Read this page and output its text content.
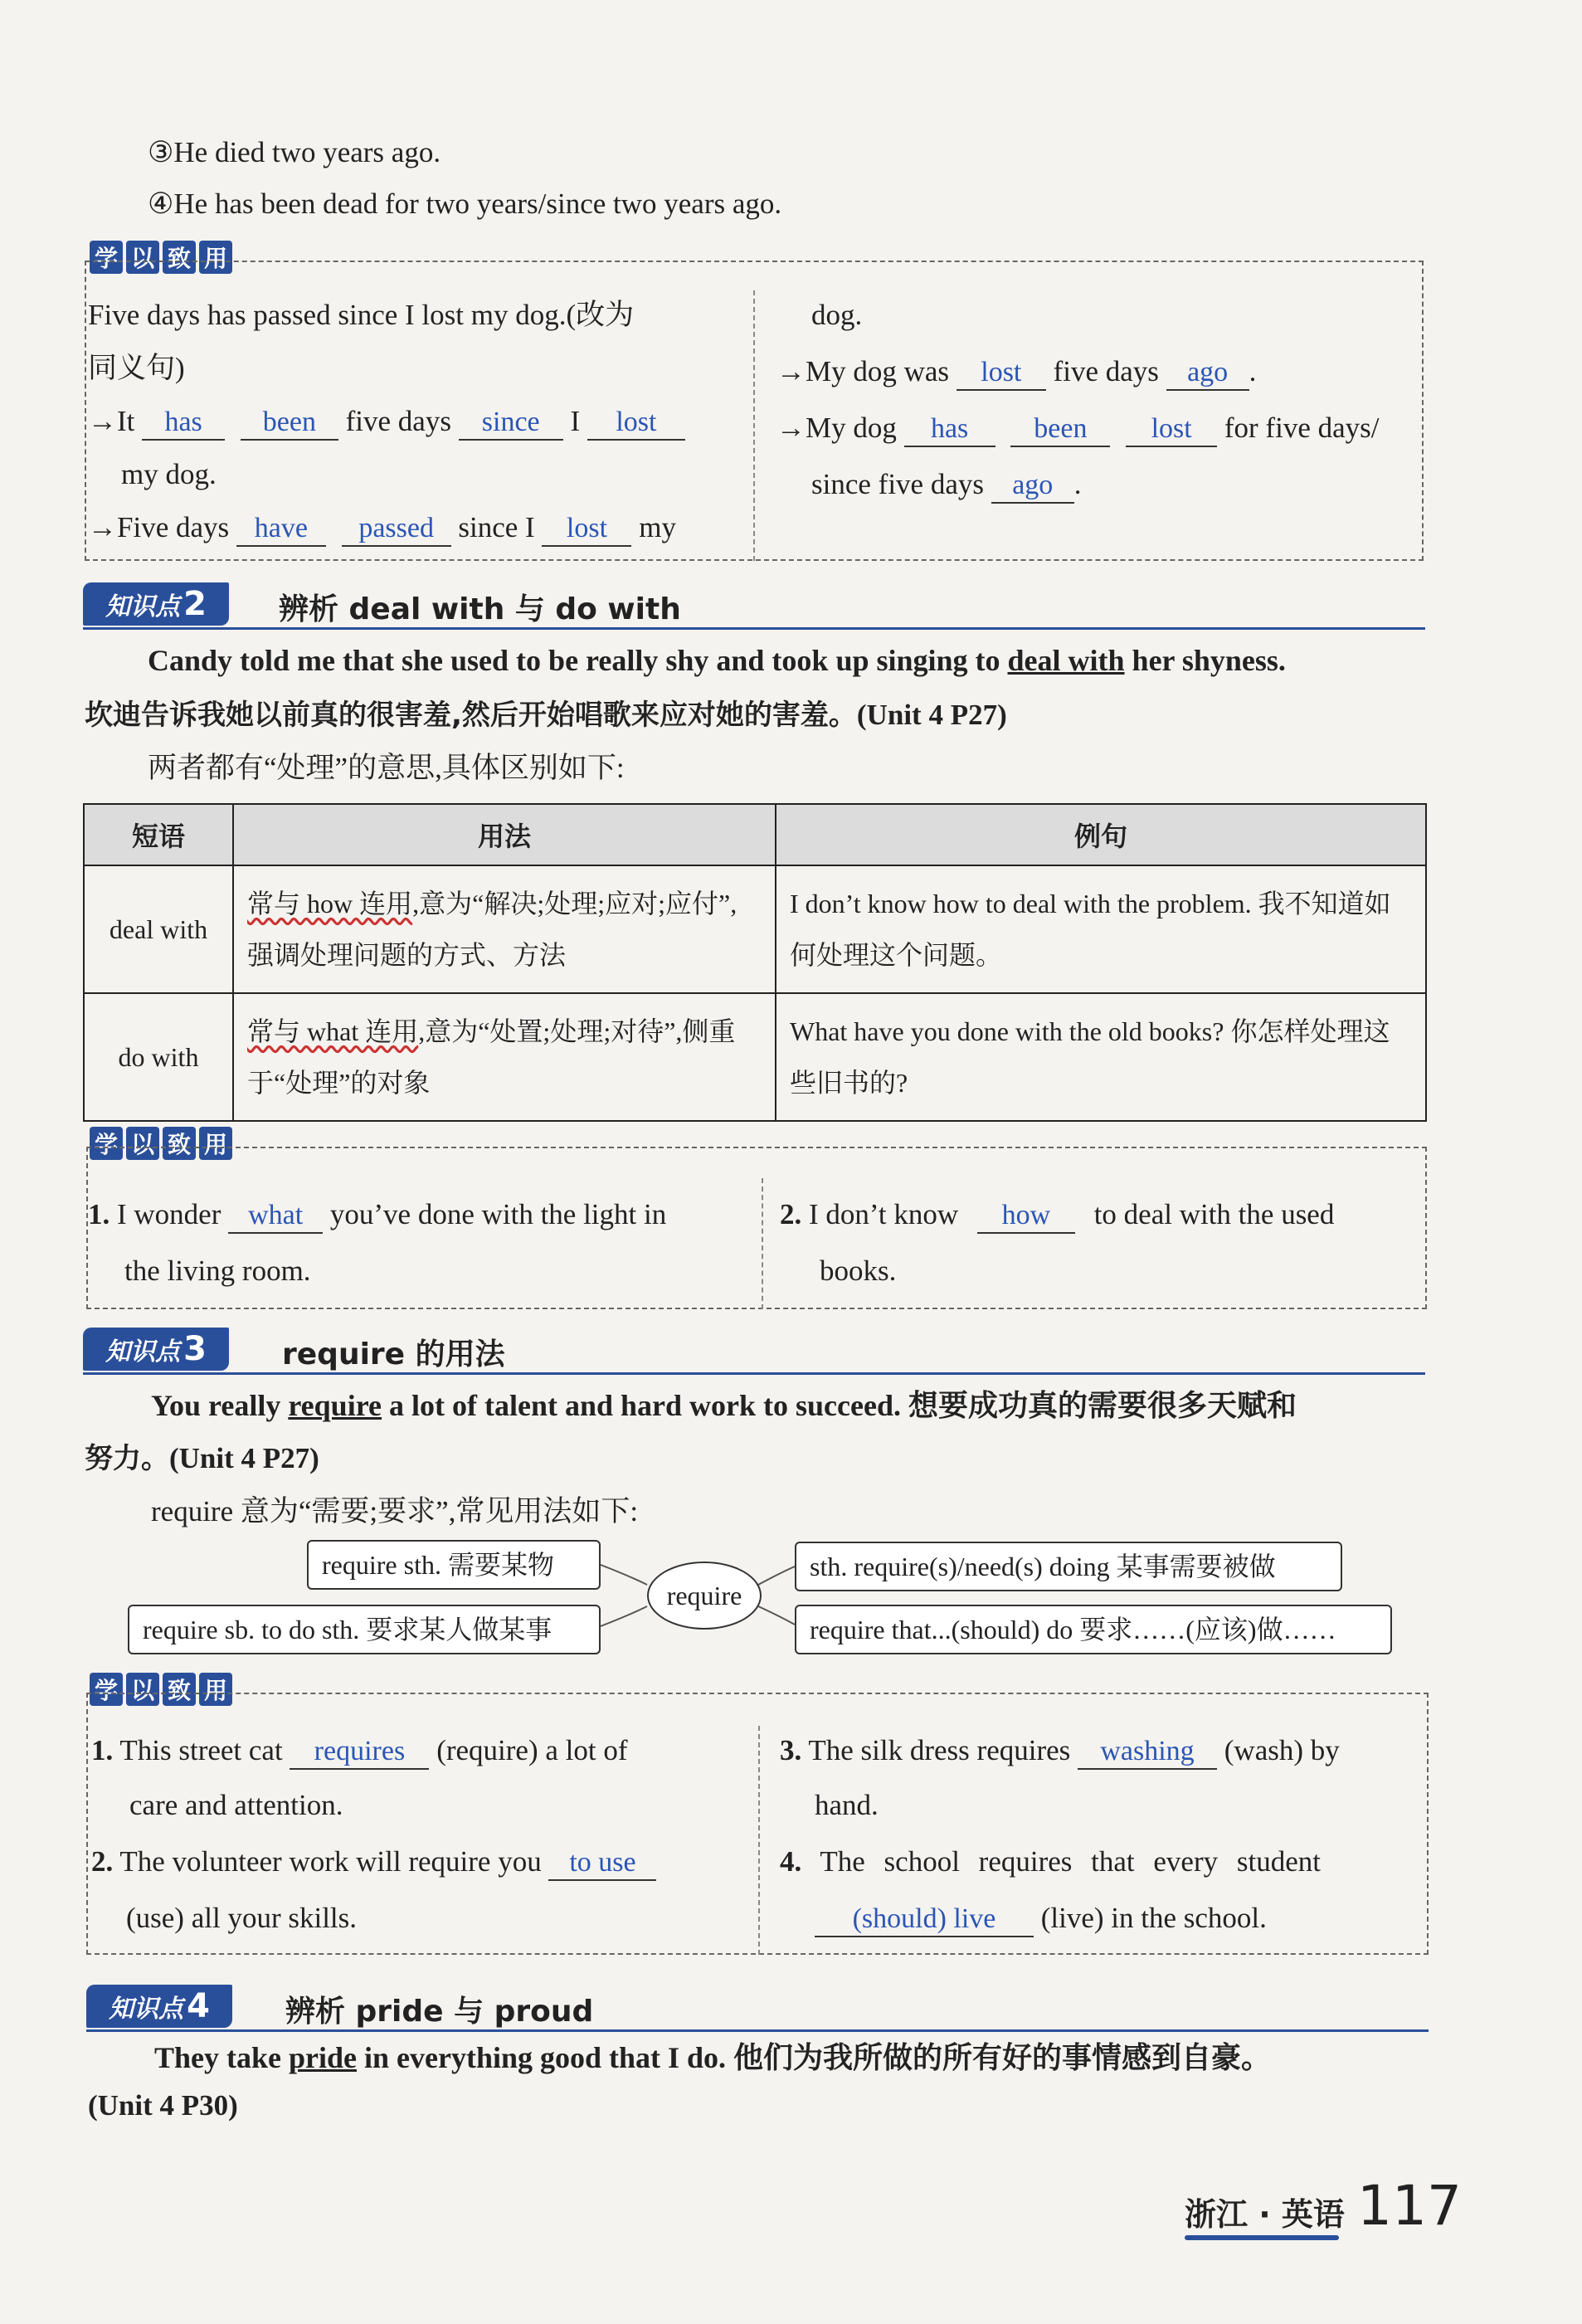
③He died two years ago.
④He has been dead for two years/since two years ago.
学 以 致 用
Five days has passed since I lost my dog.(改为
同义句)
→It has been five days since I lost
my dog.
→Five days have passed since I lost my
dog.
→My dog was lost five days ago .
→My dog has been lost for five days/
since five days ago .
知识点 2 辨析 deal with 与 do with
Candy told me that she used to be really shy and took up singing to deal with her shyness.
坎迪告诉我她以前真的很害羞,然后开始唱歌来应对她的害羞。(Unit 4 P27)
两者都有“处理”的意思,具体区别如下:
短语	用法	例句
deal with	常与 how 连用,意为“解决;处理;应对;应付”,强调处理问题的方式、方法	I don’t know how to deal with the problem. 我不知道如何处理这个问题。
do with	常与 what 连用,意为“处置;处理;对待”,侧重于“处理”的对象	What have you done with the old books? 你怎样处理这些旧书的?
学 以 致 用
1. I wonder what you’ve done with the light in
the living room.
2. I don’t know how to deal with the used
books.
知识点 3	require 的用法
You really require a lot of talent and hard work to succeed. 想要成功真的需要很多天赋和
努力。(Unit 4 P27)
require 意为“需要;要求”,常见用法如下:
require sth. 需要某物
require sb. to do sth. 要求某人做某事
require
sth. require(s)/need(s) doing 某事需要被做
require that...(should) do 要求……(应该)做……
学 以 致 用
1. This street cat requires (require) a lot of
care and attention.
2. The volunteer work will require you to use
(use) all your skills.
3. The silk dress requires washing (wash) by
hand.
4. The school requires that every student
(should) live (live) in the school.
知识点 4	辨析 pride 与 proud
They take pride in everything good that I do. 他们为我所做的所有好的事情感到自豪。
(Unit 4 P30)
浙江 · 英语 117
